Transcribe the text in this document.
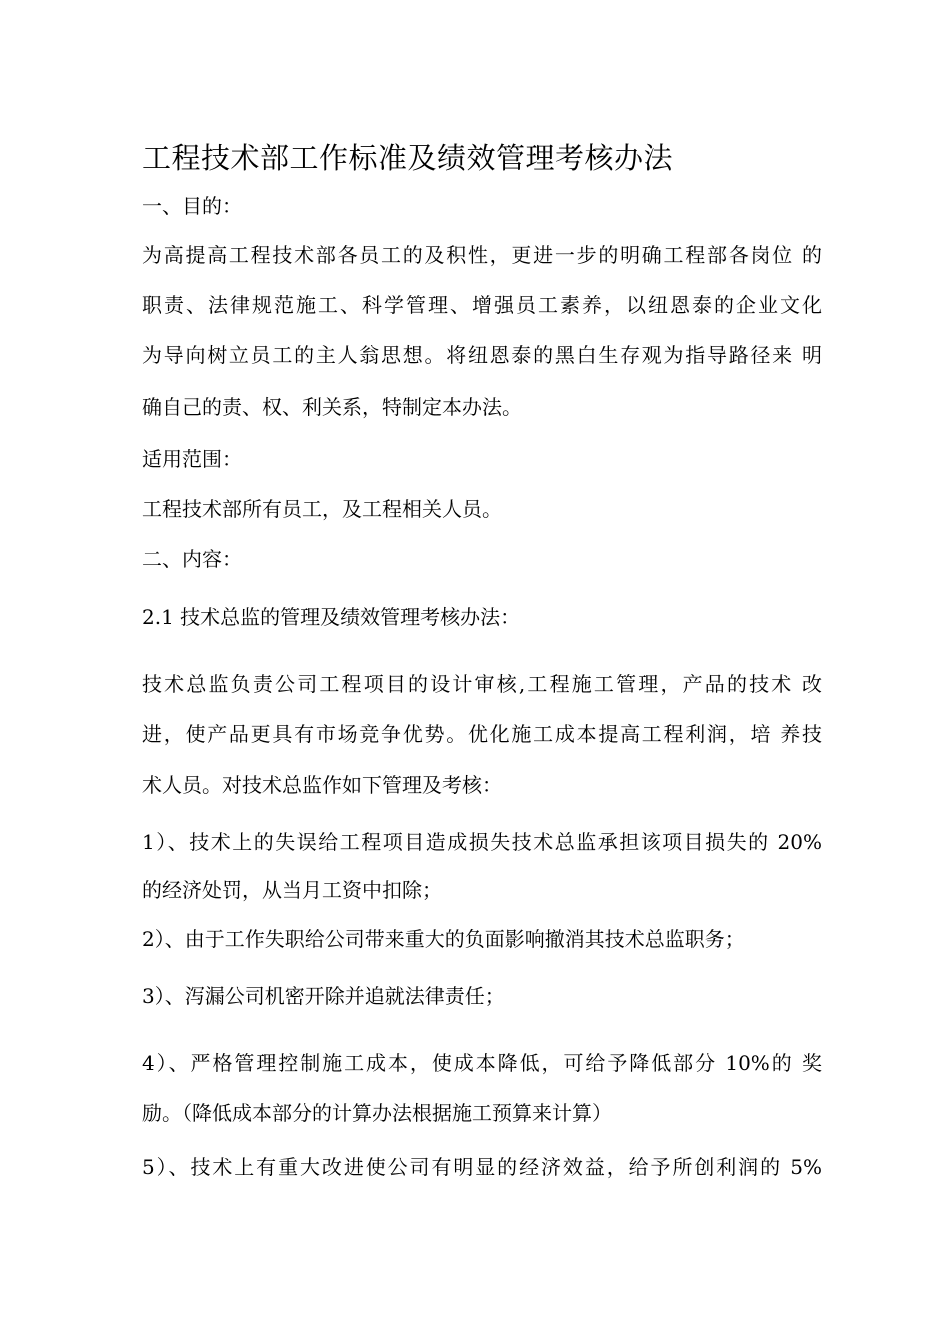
工程技术部工作标准及绩效管理考核办法
一、目的：
为高提高工程技术部各员工的及积性，更进一步的明确工程部各岗位 的
职责、法律规范施工、科学管理、增强员工素养，以纽恩泰的企业文化
为导向树立员工的主人翁思想。将纽恩泰的黑白生存观为指导路径来 明
确自己的责、权、利关系，特制定本办法。
适用范围：
工程技术部所有员工，及工程相关人员。
二、内容：
2.1 技术总监的管理及绩效管理考核办法：
技术总监负责公司工程项目的设计审核,工程施工管理，产品的技术 改
进，使产品更具有市场竞争优势。优化施工成本提高工程利润，培 养技
术人员。对技术总监作如下管理及考核：
1）、技术上的失误给工程项目造成损失技术总监承担该项目损失的 20%
的经济处罚，从当月工资中扣除；
2）、由于工作失职给公司带来重大的负面影响撤消其技术总监职务；
3）、泻漏公司机密开除并追就法律责任；
4）、严格管理控制施工成本，使成本降低，可给予降低部分 10%的 奖
励。（降低成本部分的计算办法根据施工预算来计算）
5）、技术上有重大改进使公司有明显的经济效益，给予所创利润的 5%
